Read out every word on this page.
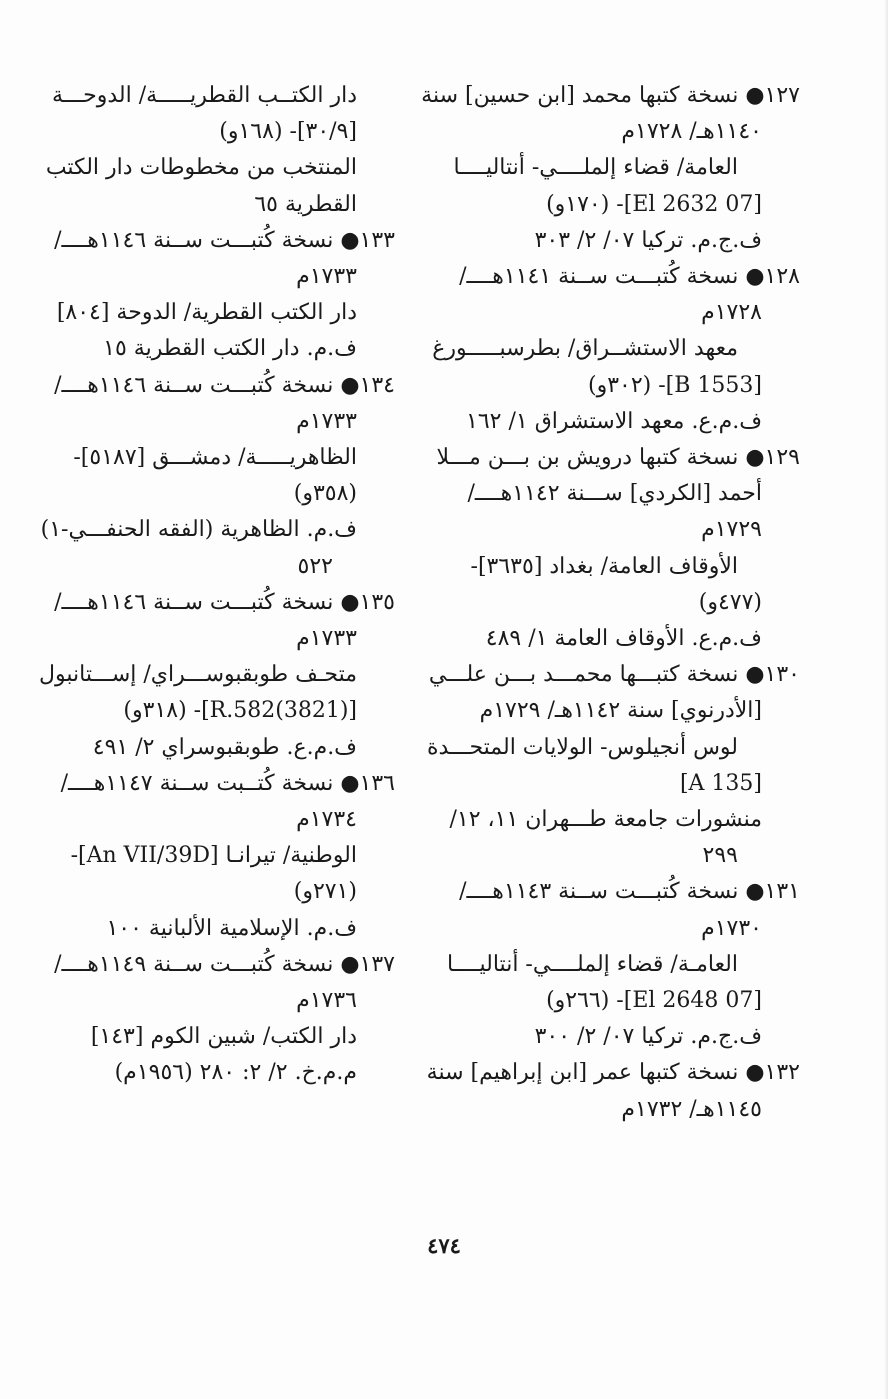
١٢٧● نسخة كتبها محمد [ابن حسين] سنة
١١٤٠هـ/ ١٧٢٨م
العامة/ قضاء إلملــــي- أنتاليــــا
[07 El 2632]- (١٧٠و)
ف.ج.م. تركيا ٠٧/ ٢/ ٣٠٣
١٢٨● نسخة كُتبـــت ســنة ١١٤١هــــ/
١٧٢٨م
معهد الاستشــراق/ بطرسبـــــورغ
[B 1553]- (٣٠٢و)
ف.م.ع. معهد الاستشراق ١/ ١٦٢
١٢٩● نسخة كتبها درويش بن بـــن مـــلا
أحمد [الكردي] ســـنة ١١٤٢هــــ/
١٧٢٩م
الأوقاف العامة/ بغداد [٣٦٣٥]-
(٤٧٧و)
ف.م.ع. الأوقاف العامة ١/ ٤٨٩
١٣٠● نسخة كتبـــها محمـــد بـــن علـــي
[الأدرنوي] سنة ١١٤٢هـ/ ١٧٢٩م
لوس أنجيلوس- الولايات المتحـــدة
[A 135]
منشورات جامعة طـــهران ١١، ١٢/
٢٩٩
١٣١● نسخة كُتبـــت ســنة ١١٤٣هــــ/
١٧٣٠م
العامـة/ قضاء إلملــــي- أنتاليــــا
[07 El 2648]- (٢٦٦و)
ف.ج.م. تركيا ٠٧/ ٢/ ٣٠٠
١٣٢● نسخة كتبها عمر [ابن إبراهيم] سنة
١١٤٥هـ/ ١٧٣٢م
دار الكتــب القطريـــــة/ الدوحـــة
[٣٠/٩]- (١٦٨و)
المنتخب من مخطوطات دار الكتب
القطرية ٦٥
١٣٣● نسخة كُتبـــت ســنة ١١٤٦هــــ/
١٧٣٣م
دار الكتب القطرية/ الدوحة [٨٠٤]
ف.م. دار الكتب القطرية ١٥
١٣٤● نسخة كُتبـــت ســنة ١١٤٦هــــ/
١٧٣٣م
الظاهريـــــة/ دمشـــق [٥١٨٧]-
(٣٥٨و)
ف.م. الظاهرية (الفقه الحنفـــي-١)
٥٢٢
١٣٥● نسخة كُتبـــت ســنة ١١٤٦هــــ/
١٧٣٣م
متحـف طوبقبوســـراي/ إســـتانبول
[(3821)R.582]- (٣١٨و)
ف.م.ع. طوبقبوسراي ٢/ ٤٩١
١٣٦● نسخة كُتــبت ســنة ١١٤٧هــــ/
١٧٣٤م
الوطنية/ تيرانـا [An VII/39D]-
(٢٧١و)
ف.م. الإسلامية الألبانية ١٠٠
١٣٧● نسخة كُتبـــت ســنة ١١٤٩هــــ/
١٧٣٦م
دار الكتب/ شبين الكوم [١٤٣]
م.م.خ. ٢/ ٢: ٢٨٠ (١٩٥٦م)
٤٧٤
